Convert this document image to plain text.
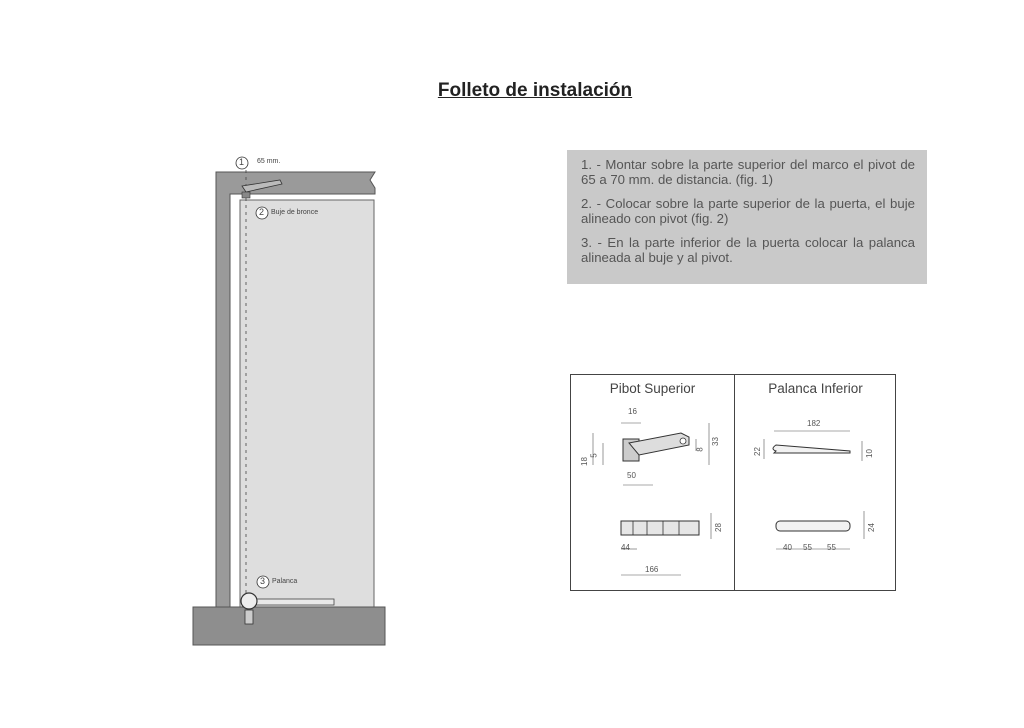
Folleto de instalación
1 65 mm.
2 Buje de bronce
3 Palanca

1. - Montar sobre la parte superior del marco el pivot de 65 a 70 mm. de distancia. (fig. 1)

2. - Colocar sobre la parte superior de la puerta, el buje alineado con pivot (fig. 2)

3. - En la parte inferior de la puerta colocar la palanca alineada al buje y al pivot.

Pibot Superior	Palanca Inferior
16
18
5
50
8
33
28
44
166
182
22	10
24
40 55 55
